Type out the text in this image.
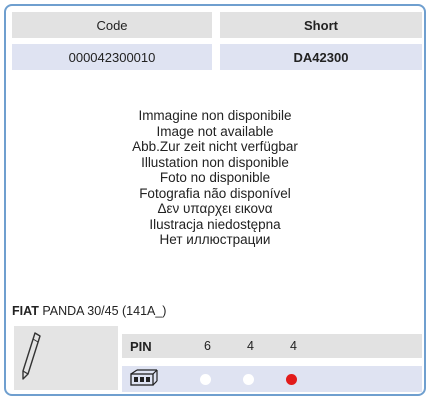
Code	Short
000042300010	DA42300
Immagine non disponibile
Image not available
Abb.Zur zeit nicht verfügbar
Illustation non disponible
Foto no disponible
Fotografia não disponível
Δεν υπαρχει εικονα
Ilustracja niedostępna
Нет иллюстрации
FIAT PANDA 30/45 (141A_)
PIN	6	4	4
